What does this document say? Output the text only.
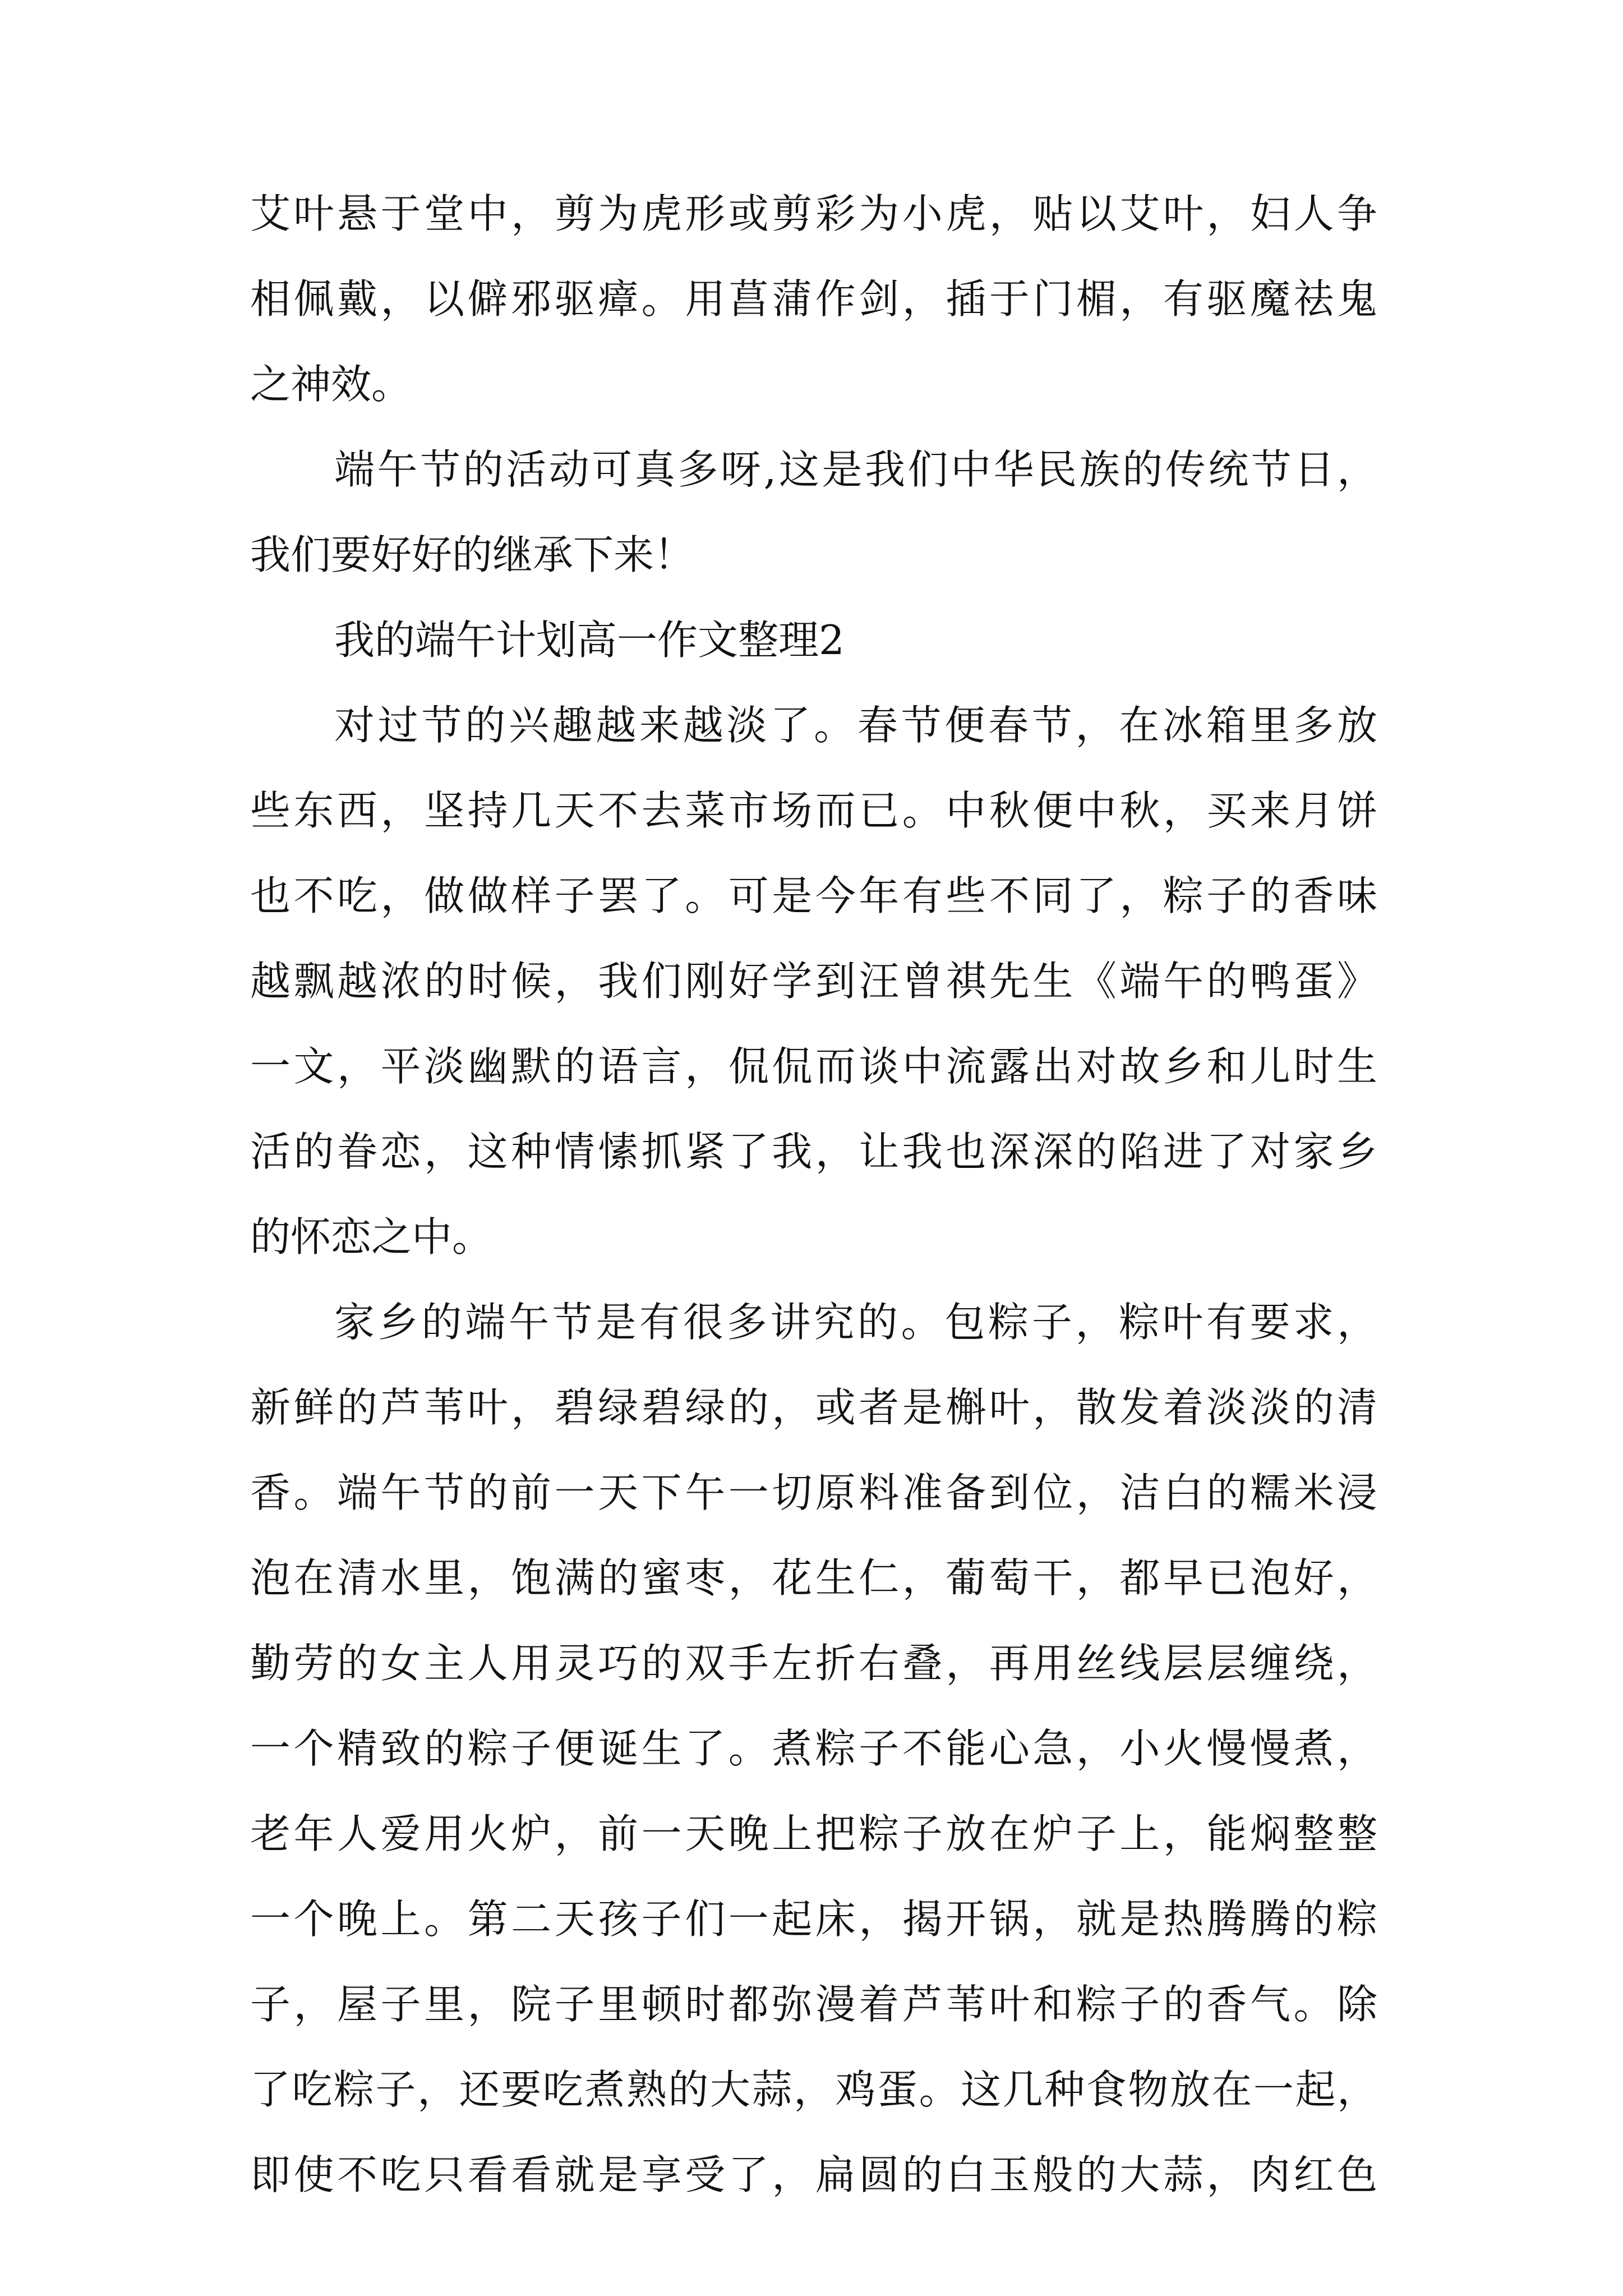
艾叶悬于堂中，剪为虎形或剪彩为小虎，贴以艾叶，妇人争
相佩戴，以僻邪驱瘴。用菖蒲作剑，插于门楣，有驱魔祛鬼
之神效。
端午节的活动可真多呀,这是我们中华民族的传统节日，
我们要好好的继承下来！
我的端午计划高一作文整理2
对过节的兴趣越来越淡了。春节便春节，在冰箱里多放
些东西，坚持几天不去菜市场而已。中秋便中秋，买来月饼
也不吃，做做样子罢了。可是今年有些不同了，粽子的香味
越飘越浓的时候，我们刚好学到汪曾祺先生《端午的鸭蛋》
一文，平淡幽默的语言，侃侃而谈中流露出对故乡和儿时生
活的眷恋，这种情愫抓紧了我，让我也深深的陷进了对家乡
的怀恋之中。
家乡的端午节是有很多讲究的。包粽子，粽叶有要求，
新鲜的芦苇叶，碧绿碧绿的，或者是槲叶，散发着淡淡的清
香。端午节的前一天下午一切原料准备到位，洁白的糯米浸
泡在清水里，饱满的蜜枣，花生仁，葡萄干，都早已泡好，
勤劳的女主人用灵巧的双手左折右叠，再用丝线层层缠绕，
一个精致的粽子便诞生了。煮粽子不能心急，小火慢慢煮，
老年人爱用火炉，前一天晚上把粽子放在炉子上，能焖整整
一个晚上。第二天孩子们一起床，揭开锅，就是热腾腾的粽
子，屋子里，院子里顿时都弥漫着芦苇叶和粽子的香气。除
了吃粽子，还要吃煮熟的大蒜，鸡蛋。这几种食物放在一起，
即使不吃只看看就是享受了，扁圆的白玉般的大蒜，肉红色
